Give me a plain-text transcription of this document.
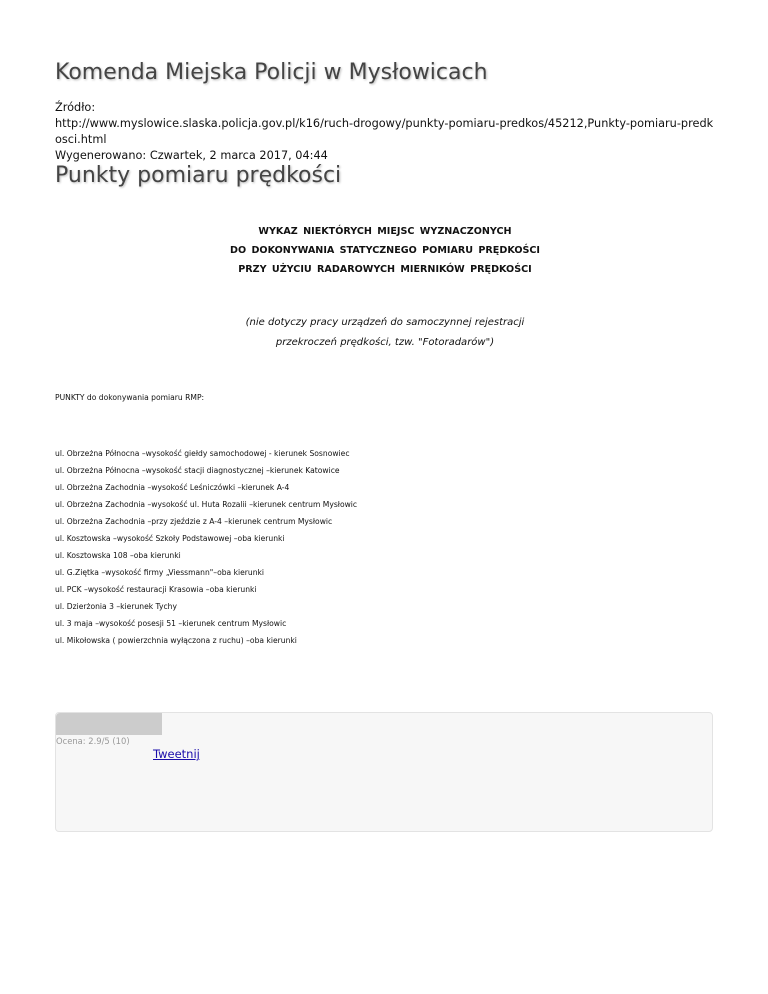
Komenda Miejska Policji w Mysłowicach
Źródło:
http://www.myslowice.slaska.policja.gov.pl/k16/ruch-drogowy/punkty-pomiaru-predkos/45212,Punkty-pomiaru-predkosci.html
Wygenerowano: Czwartek, 2 marca 2017, 04:44
Punkty pomiaru prędkości
WYKAZ NIEKTÓRYCH MIEJSC WYZNACZONYCH
DO DOKONYWANIA STATYCZNEGO POMIARU PRĘDKOŚCI
PRZY UŻYCIU RADAROWYCH MIERNIKÓW PRĘDKOŚCI
(nie dotyczy pracy urządzeń do samoczynnej rejestracji
przekroczeń prędkości, tzw. "Fotoradarów")
PUNKTY do dokonywania pomiaru RMP:
ul. Obrzeżna Północna –wysokość giełdy samochodowej - kierunek Sosnowiec
ul. Obrzeżna Północna –wysokość stacji diagnostycznej –kierunek Katowice
ul. Obrzeżna Zachodnia –wysokość Leśniczówki –kierunek A-4
ul. Obrzeżna Zachodnia –wysokość ul. Huta Rozalii –kierunek centrum Mysłowic
ul. Obrzeżna Zachodnia –przy zjeździe z A-4 –kierunek centrum Mysłowic
ul. Kosztowska –wysokość Szkoły Podstawowej –oba kierunki
ul. Kosztowska 108 –oba kierunki
ul. G.Ziętka –wysokość firmy „Viessmann"–oba kierunki
ul. PCK –wysokość restauracji Krasowia –oba kierunki
ul. Dzierżonia 3 –kierunek Tychy
ul. 3 maja –wysokość posesji 51 –kierunek centrum Mysłowic
ul. Mikołowska ( powierzchnia wyłączona z ruchu) –oba kierunki
Ocena: 2.9/5 (10)
Tweetnij
